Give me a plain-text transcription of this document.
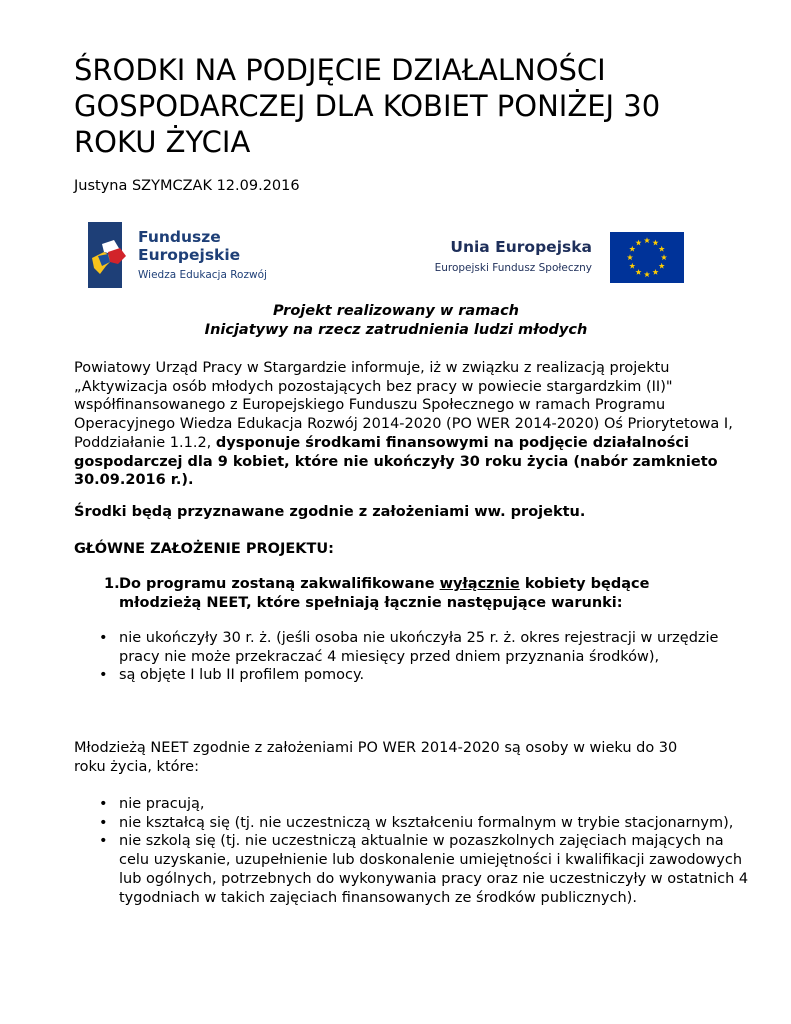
ŚRODKI NA PODJĘCIE DZIAŁALNOŚCI GOSPODARCZEJ DLA KOBIET PONIŻEJ 30 ROKU ŻYCIA
Justyna SZYMCZAK 12.09.2016
Fundusze
Europejskie
Wiedza Edukacja Rozwój
Unia Europejska
Europejski Fundusz Społeczny
Projekt realizowany w ramach
Inicjatywy na rzecz zatrudnienia ludzi młodych
Powiatowy Urząd Pracy w Stargardzie informuje, iż w związku z realizacją projektu „Aktywizacja osób młodych pozostających bez pracy w powiecie stargardzkim (II)" współfinansowanego z Europejskiego Funduszu Społecznego w ramach Programu Operacyjnego Wiedza Edukacja Rozwój 2014-2020 (PO WER 2014-2020) Oś Priorytetowa I, Poddziałanie 1.1.2, dysponuje środkami finansowymi na podjęcie działalności gospodarczej dla 9 kobiet, które nie ukończyły 30 roku życia (nabór zamknieto 30.09.2016 r.).
Środki będą przyznawane zgodnie z założeniami ww. projektu.
GŁÓWNE ZAŁOŻENIE PROJEKTU:
1. Do programu zostaną zakwalifikowane wyłącznie kobiety będące młodzieżą NEET, które spełniają łącznie następujące warunki:
• nie ukończyły 30 r. ż. (jeśli osoba nie ukończyła 25 r. ż. okres rejestracji w urzędzie pracy nie może przekraczać 4 miesięcy przed dniem przyznania środków),
• są objęte I lub II profilem pomocy.
Młodzieżą NEET zgodnie z założeniami PO WER 2014-2020 są osoby w wieku do 30 roku życia, które:
• nie pracują,
• nie kształcą się (tj. nie uczestniczą w kształceniu formalnym w trybie stacjonarnym),
• nie szkolą się (tj. nie uczestniczą aktualnie w pozaszkolnych zajęciach mających na celu uzyskanie, uzupełnienie lub doskonalenie umiejętności i kwalifikacji zawodowych lub ogólnych, potrzebnych do wykonywania pracy oraz nie uczestniczyły w ostatnich 4 tygodniach w takich zajęciach finansowanych ze środków publicznych).
